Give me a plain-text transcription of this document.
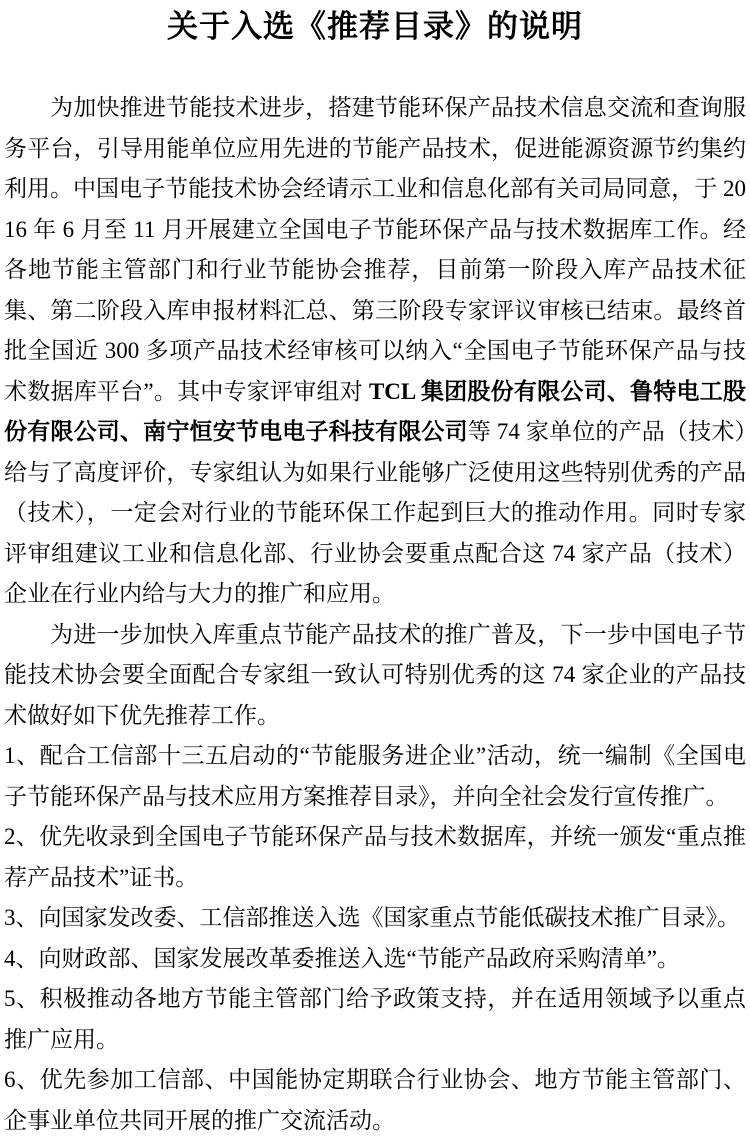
关于入选《推荐目录》的说明

为加快推进节能技术进步，搭建节能环保产品技术信息交流和查询服务平台，引导用能单位应用先进的节能产品技术，促进能源资源节约集约利用。中国电子节能技术协会经请示工业和信息化部有关司局同意，于 2016 年 6 月至 11 月开展建立全国电子节能环保产品与技术数据库工作。经各地节能主管部门和行业节能协会推荐，目前第一阶段入库产品技术征集、第二阶段入库申报材料汇总、第三阶段专家评议审核已结束。最终首批全国近 300 多项产品技术经审核可以纳入“全国电子节能环保产品与技术数据库平台”。其中专家评审组对 TCL 集团股份有限公司、鲁特电工股份有限公司、南宁恒安节电电子科技有限公司等 74 家单位的产品（技术）给与了高度评价，专家组认为如果行业能够广泛使用这些特别优秀的产品（技术），一定会对行业的节能环保工作起到巨大的推动作用。同时专家评审组建议工业和信息化部、行业协会要重点配合这 74 家产品（技术）企业在行业内给与大力的推广和应用。

为进一步加快入库重点节能产品技术的推广普及，下一步中国电子节能技术协会要全面配合专家组一致认可特别优秀的这 74 家企业的产品技术做好如下优先推荐工作。

1、配合工信部十三五启动的“节能服务进企业”活动，统一编制《全国电子节能环保产品与技术应用方案推荐目录》，并向全社会发行宣传推广。

2、优先收录到全国电子节能环保产品与技术数据库，并统一颁发“重点推荐产品技术”证书。

3、向国家发改委、工信部推送入选《国家重点节能低碳技术推广目录》。

4、向财政部、国家发展改革委推送入选“节能产品政府采购清单”。

5、积极推动各地方节能主管部门给予政策支持，并在适用领域予以重点推广应用。

6、优先参加工信部、中国能协定期联合行业协会、地方节能主管部门、企事业单位共同开展的推广交流活动。
